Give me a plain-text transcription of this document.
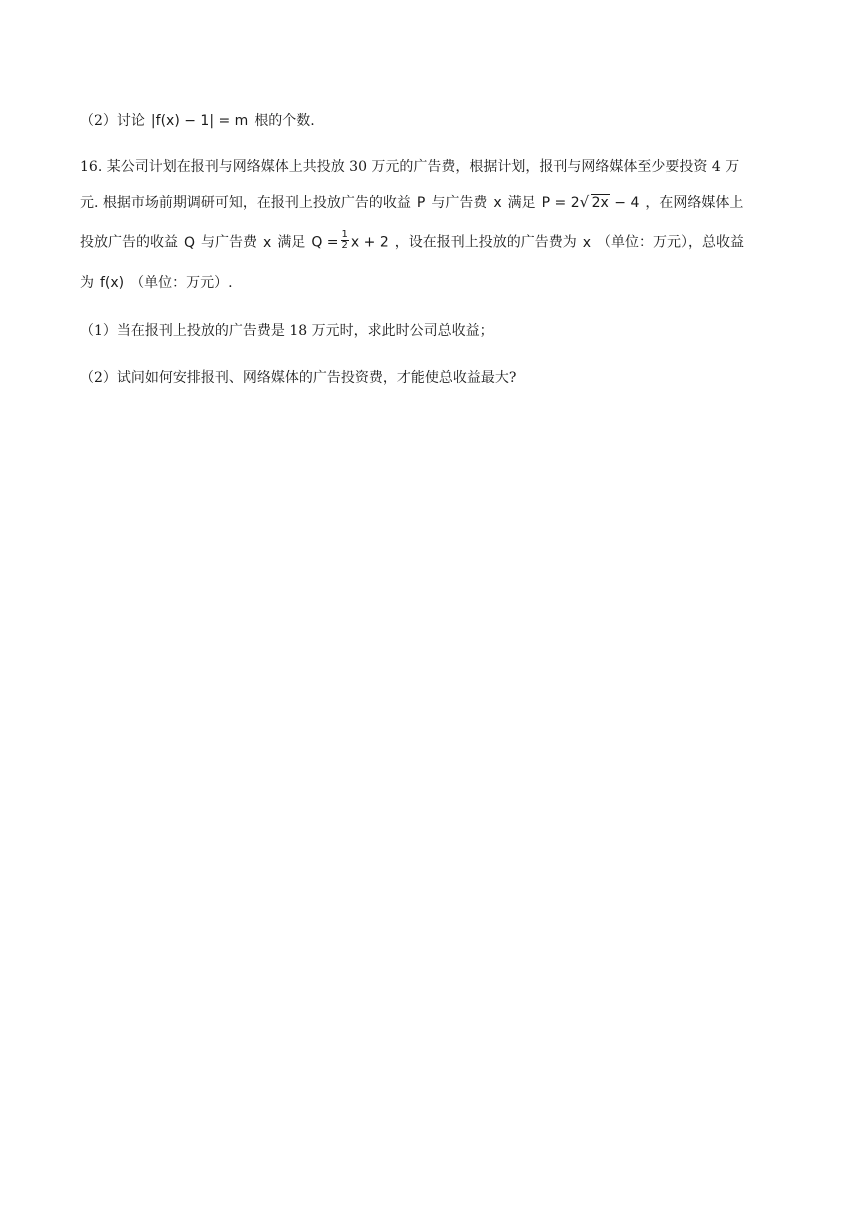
（2）讨论 |f(x) − 1| = m 根的个数.
16. 某公司计划在报刊与网络媒体上共投放 30 万元的广告费，根据计划，报刊与网络媒体至少要投资 4 万
元. 根据市场前期调研可知，在报刊上投放广告的收益 P 与广告费 x 满足 P = 2 √ 2x − 4 ，在网络媒体上
投放广告的收益 Q 与广告费 x 满足 $Q = \frac{1}{2}$ x + 2 ，设在报刊上投放的广告费为 x （单位：万元），总收益
为 f(x) （单位：万元）.
（1）当在报刊上投放的广告费是 18 万元时，求此时公司总收益；
（2）试问如何安排报刊、网络媒体的广告投资费，才能使总收益最大?
